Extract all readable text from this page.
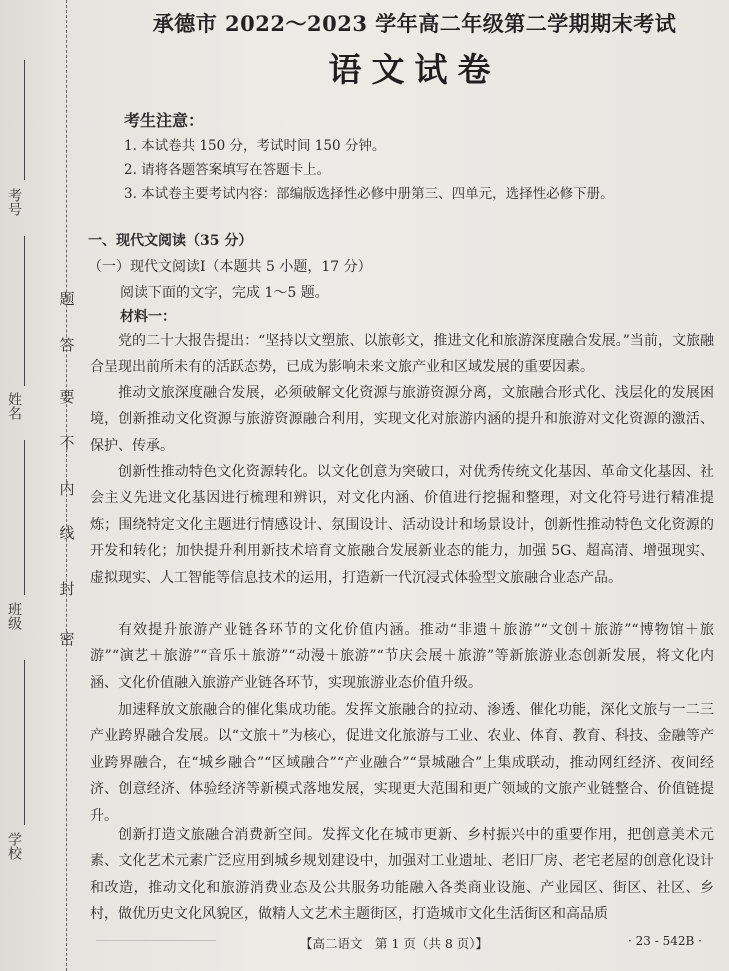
考号
姓名
班级
学校
密
封
线
内
不
要
答
题
承德市 2022～2023 学年高二年级第二学期期末考试
语文试卷
考生注意：
1. 本试卷共 150 分，考试时间 150 分钟。
2. 请将各题答案填写在答题卡上。
3. 本试卷主要考试内容：部编版选择性必修中册第三、四单元，选择性必修下册。
一、现代文阅读（35 分）
（一）现代文阅读Ⅰ（本题共 5 小题，17 分）
阅读下面的文字，完成 1～5 题。
材料一：
党的二十大报告提出：“坚持以文塑旅、以旅彰文，推进文化和旅游深度融合发展。”当前，文旅融合呈现出前所未有的活跃态势，已成为影响未来文旅产业和区域发展的重要因素。
推动文旅深度融合发展，必须破解文化资源与旅游资源分离，文旅融合形式化、浅层化的发展困境，创新推动文化资源与旅游资源融合利用，实现文化对旅游内涵的提升和旅游对文化资源的激活、保护、传承。
创新性推动特色文化资源转化。以文化创意为突破口，对优秀传统文化基因、革命文化基因、社会主义先进文化基因进行梳理和辨识，对文化内涵、价值进行挖掘和整理，对文化符号进行精准提炼；围绕特定文化主题进行情感设计、氛围设计、活动设计和场景设计，创新性推动特色文化资源的开发和转化；加快提升利用新技术培育文旅融合发展新业态的能力，加强 5G、超高清、增强现实、虚拟现实、人工智能等信息技术的运用，打造新一代沉浸式体验型文旅融合业态产品。
有效提升旅游产业链各环节的文化价值内涵。推动“非遗＋旅游”“文创＋旅游”“博物馆＋旅游”“演艺＋旅游”“音乐＋旅游”“动漫＋旅游”“节庆会展＋旅游”等新旅游业态创新发展，将文化内涵、文化价值融入旅游产业链各环节，实现旅游业态价值升级。
加速释放文旅融合的催化集成功能。发挥文旅融合的拉动、渗透、催化功能，深化文旅与一二三产业跨界融合发展。以“文旅＋”为核心，促进文化旅游与工业、农业、体育、教育、科技、金融等产业跨界融合，在“城乡融合”“区域融合”“产业融合”“景城融合”上集成联动，推动网红经济、夜间经济、创意经济、体验经济等新模式落地发展，实现更大范围和更广领域的文旅产业链整合、价值链提升。
创新打造文旅融合消费新空间。发挥文化在城市更新、乡村振兴中的重要作用，把创意美术元素、文化艺术元素广泛应用到城乡规划建设中，加强对工业遗址、老旧厂房、老宅老屋的创意化设计和改造，推动文化和旅游消费业态及公共服务功能融入各类商业设施、产业园区、街区、社区、乡村，做优历史文化风貌区，做精人文艺术主题街区，打造城市文化生活街区和高品质
【高二语文　第 1 页（共 8 页）】	· 23 - 542B ·
